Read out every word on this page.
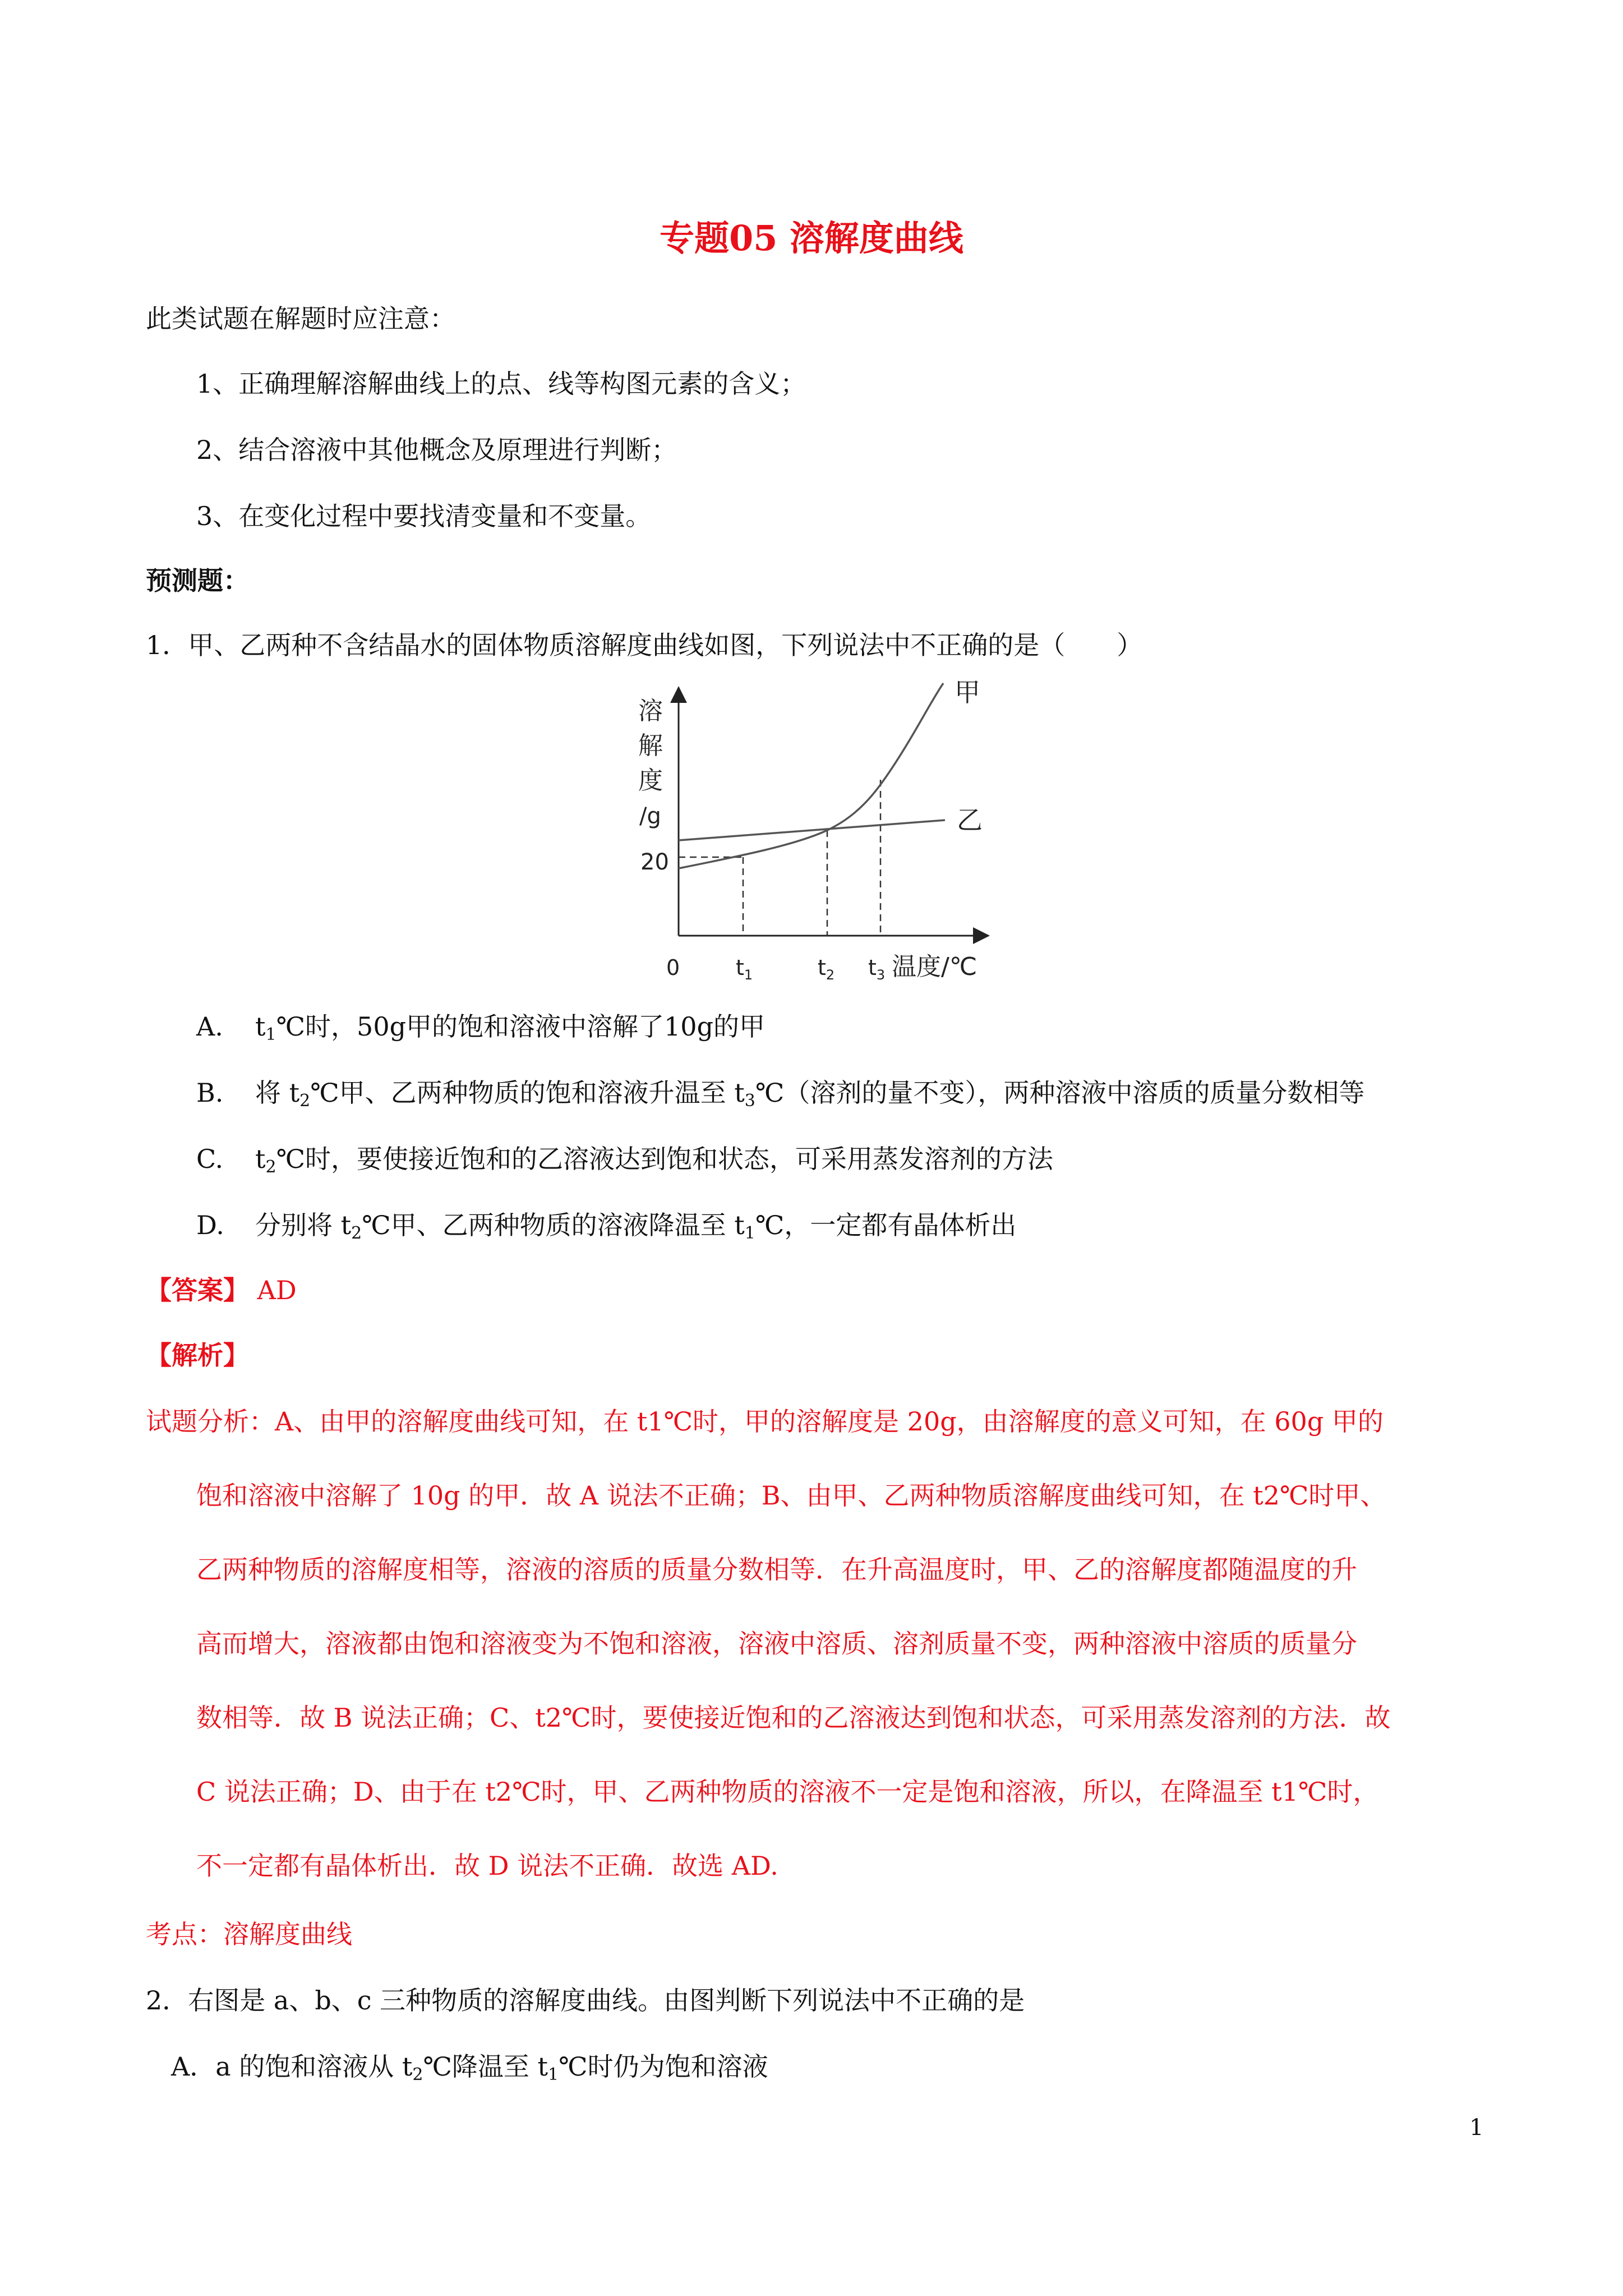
专题05 溶解度曲线
此类试题在解题时应注意：
1、正确理解溶解曲线上的点、线等构图元素的含义；
2、结合溶液中其他概念及原理进行判断；
3、在变化过程中要找清变量和不变量。
预测题：
1．甲、乙两种不含结晶水的固体物质溶解度曲线如图，下列说法中不正确的是（　　）
溶
解
度
/g
20
0	$t_1$	$t_2$ $t_3$ 温度/℃
甲
乙
A. $t_1℃$时，50g甲的饱和溶液中溶解了10g的甲
B. 将 $t_2℃$甲、乙两种物质的饱和溶液升温至 $t_3℃$（溶剂的量不变），两种溶液中溶质的质量分数相等
C. $t_2℃$时，要使接近饱和的乙溶液达到饱和状态，可采用蒸发溶剂的方法
D. 分别将 $t_2℃$甲、乙两种物质的溶液降温至 $t_1℃$，一定都有晶体析出
【答案】 AD
【解析】
试题分析：A、由甲的溶解度曲线可知，在 t1℃时，甲的溶解度是 20g，由溶解度的意义可知，在 60g 甲的
饱和溶液中溶解了 10g 的甲．故 A 说法不正确；B、由甲、乙两种物质溶解度曲线可知，在 t2℃时甲、
乙两种物质的溶解度相等，溶液的溶质的质量分数相等．在升高温度时，甲、乙的溶解度都随温度的升
高而增大，溶液都由饱和溶液变为不饱和溶液，溶液中溶质、溶剂质量不变，两种溶液中溶质的质量分
数相等．故 B 说法正确；C、t2℃时，要使接近饱和的乙溶液达到饱和状态，可采用蒸发溶剂的方法．故
C 说法正确；D、由于在 t2℃时，甲、乙两种物质的溶液不一定是饱和溶液，所以，在降温至 t1℃时，
不一定都有晶体析出．故 D 说法不正确．故选 AD.
考点：溶解度曲线
2．右图是 a、b、c 三种物质的溶解度曲线。由图判断下列说法中不正确的是
A．a 的饱和溶液从 $t_2℃$降温至 $t_1℃$时仍为饱和溶液
1
